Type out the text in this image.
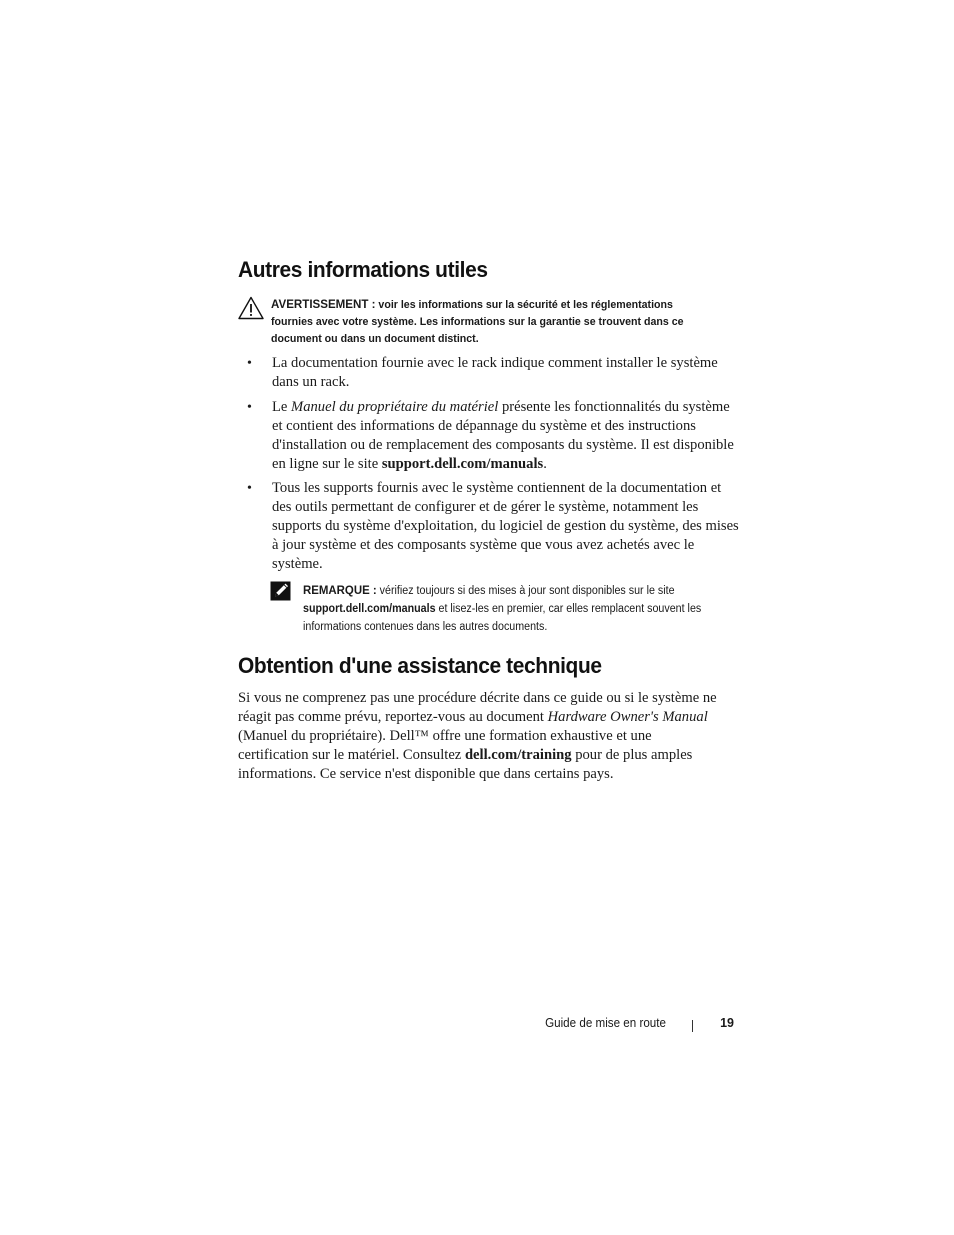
Autres informations utiles
AVERTISSEMENT : voir les informations sur la sécurité et les réglementations fournies avec votre système. Les informations sur la garantie se trouvent dans ce document ou dans un document distinct.
• La documentation fournie avec le rack indique comment installer le système dans un rack.
• Le Manuel du propriétaire du matériel présente les fonctionnalités du système et contient des informations de dépannage du système et des instructions d'installation ou de remplacement des composants du système. Il est disponible en ligne sur le site support.dell.com/manuals.
• Tous les supports fournis avec le système contiennent de la documentation et des outils permettant de configurer et de gérer le système, notamment les supports du système d'exploitation, du logiciel de gestion du système, des mises à jour système et des composants système que vous avez achetés avec le système.
REMARQUE : vérifiez toujours si des mises à jour sont disponibles sur le site support.dell.com/manuals et lisez-les en premier, car elles remplacent souvent les informations contenues dans les autres documents.
Obtention d'une assistance technique

Si vous ne comprenez pas une procédure décrite dans ce guide ou si le système ne réagit pas comme prévu, reportez-vous au document Hardware Owner's Manual (Manuel du propriétaire). Dell™ offre une formation exhaustive et une certification sur le matériel. Consultez dell.com/training pour de plus amples informations. Ce service n'est disponible que dans certains pays.

Guide de mise en route	19
